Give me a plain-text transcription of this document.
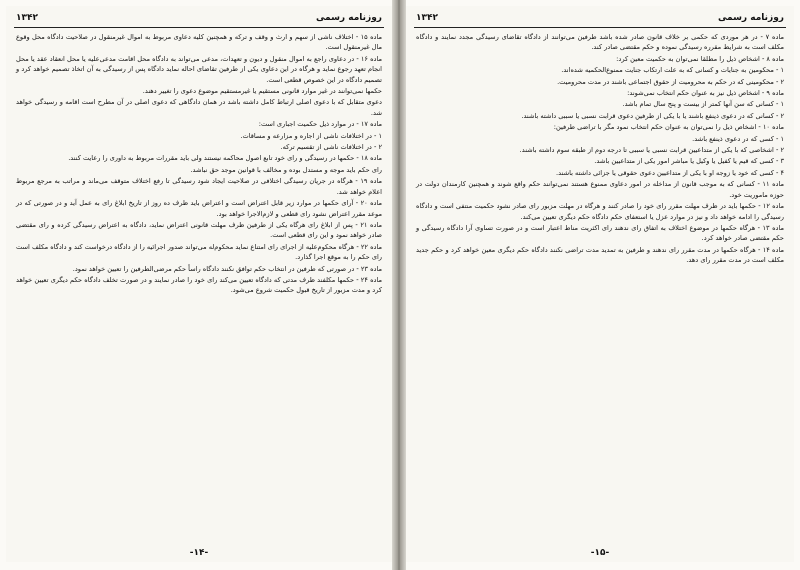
روزنامه رسمی
۱۳۴۲

ماده ۱۵ - اختلاف ناشی از سهم و ارث و وقف و ترکه و همچنین کلیه دعاوی مربوط به اموال غیرمنقول در صلاحیت دادگاه محل وقوع مال غیرمنقول است.

ماده ۱۶ - در دعاوی راجع به اموال منقول و دیون و تعهدات، مدعی می‌تواند به دادگاه محل اقامت مدعی‌علیه یا محل انعقاد عقد یا محل انجام تعهد رجوع نماید و هرگاه در این دعاوی یکی از طرفین تقاضای احاله نماید دادگاه پس از رسیدگی به آن اتخاذ تصمیم خواهد کرد و تصمیم دادگاه در این خصوص قطعی است.

حکمها نمی‌توانند در غیر موارد قانونی مستقیم یا غیرمستقیم موضوع دعوی را تغییر دهند.

دعوی متقابل که با دعوی اصلی ارتباط کامل داشته باشد در همان دادگاهی که دعوی اصلی در آن مطرح است اقامه و رسیدگی خواهد شد.

ماده ۱۷ - در موارد ذیل حکمیت اجباری است:

۱ - در اختلافات ناشی از اجاره و مزارعه و مساقات.

۲ - در اختلافات ناشی از تقسیم ترکه.

ماده ۱۸ - حکمها در رسیدگی و رای خود تابع اصول محاکمه نیستند ولی باید مقررات مربوط به داوری را رعایت کنند.

رای حکم باید موجه و مستدل بوده و مخالف با قوانین موجد حق نباشد.

ماده ۱۹ - هرگاه در جریان رسیدگی اختلافی در صلاحیت ایجاد شود رسیدگی تا رفع اختلاف متوقف می‌ماند و مراتب به مرجع مربوط اعلام خواهد شد.

ماده ۲۰ - آرای حکمها در موارد زیر قابل اعتراض است و اعتراض باید ظرف ده روز از تاریخ ابلاغ رای به عمل آید و در صورتی که در موعد مقرر اعتراض نشود رای قطعی و لازم‌الاجرا خواهد بود.

ماده ۲۱ - پس از ابلاغ رای هرگاه یکی از طرفین ظرف مهلت قانونی اعتراض نماید، دادگاه به اعتراض رسیدگی کرده و رای مقتضی صادر خواهد نمود و این رای قطعی است.

ماده ۲۲ - هرگاه محکوم‌علیه از اجرای رای امتناع نماید محکوم‌له می‌تواند صدور اجرائیه را از دادگاه درخواست کند و دادگاه مکلف است رای حکم را به موقع اجرا گذارد.

ماده ۲۳ - در صورتی که طرفین در انتخاب حکم توافق نکنند دادگاه راساً حکم مرضی‌الطرفین را تعیین خواهد نمود.

ماده ۲۴ - حکمها مکلفند ظرف مدتی که دادگاه تعیین می‌کند رای خود را صادر نمایند و در صورت تخلف دادگاه حکم دیگری تعیین خواهد کرد و مدت مزبور از تاریخ قبول حکمیت شروع می‌شود.

-۱۴-
روزنامه رسمی
۱۳۴۲

ماده ۷ - در هر موردی که حکمی بر خلاف قانون صادر شده باشد طرفین می‌توانند از دادگاه تقاضای رسیدگی مجدد نمایند و دادگاه مکلف است به شرایط مقرره رسیدگی نموده و حکم مقتضی صادر کند.

ماده ۸ - اشخاص ذیل را مطلقا نمی‌توان به حکمیت معین کرد:

۱ - محکومین به جنایات و کسانی که به علت ارتکاب جنایت ممنوع‌الحکمیه شده‌اند.

۲ - محکومینی که در حکم به محرومیت از حقوق اجتماعی باشند در مدت محرومیت.

ماده ۹ - اشخاص ذیل نیز به عنوان حکم انتخاب نمی‌شوند:

۱ - کسانی که سن آنها کمتر از بیست و پنج سال تمام باشد.

۲ - کسانی که در دعوی ذینفع باشند یا با یکی از طرفین دعوی قرابت نسبی یا سببی داشته باشند.

ماده ۱۰ - اشخاص ذیل را نمی‌توان به عنوان حکم انتخاب نمود مگر با تراضی طرفین:

۱ - کسی که در دعوی ذینفع باشد.

۲ - اشخاصی که با یکی از متداعیین قرابت نسبی یا سببی تا درجه دوم از طبقه سوم داشته باشند.

۳ - کسی که قیم یا کفیل یا وکیل یا مباشر امور یکی از متداعیین باشد.

۴ - کسی که خود یا زوجه او با یکی از متداعیین دعوی حقوقی یا جزائی داشته باشند.

ماده ۱۱ - کسانی که به موجب قانون از مداخله در امور دعاوی ممنوع هستند نمی‌توانند حکم واقع شوند و همچنین کارمندان دولت در حوزه ماموریت خود.

ماده ۱۲ - حکمها باید در ظرف مهلت مقرر رای خود را صادر کنند و هرگاه در مهلت مزبور رای صادر نشود حکمیت منتفی است و دادگاه رسیدگی را ادامه خواهد داد و نیز در موارد عزل یا استعفای حکم دادگاه حکم دیگری تعیین می‌کند.

ماده ۱۳ - هرگاه حکمها در موضوع اختلاف به اتفاق رای ندهند رای اکثریت مناط اعتبار است و در صورت تساوی آرا دادگاه رسیدگی و حکم مقتضی صادر خواهد کرد.

ماده ۱۴ - هرگاه حکمها در مدت مقرر رای ندهند و طرفین به تمدید مدت تراضی نکنند دادگاه حکم دیگری معین خواهد کرد و حکم جدید مکلف است در مدت مقرر رای دهد.

-۱۵-
